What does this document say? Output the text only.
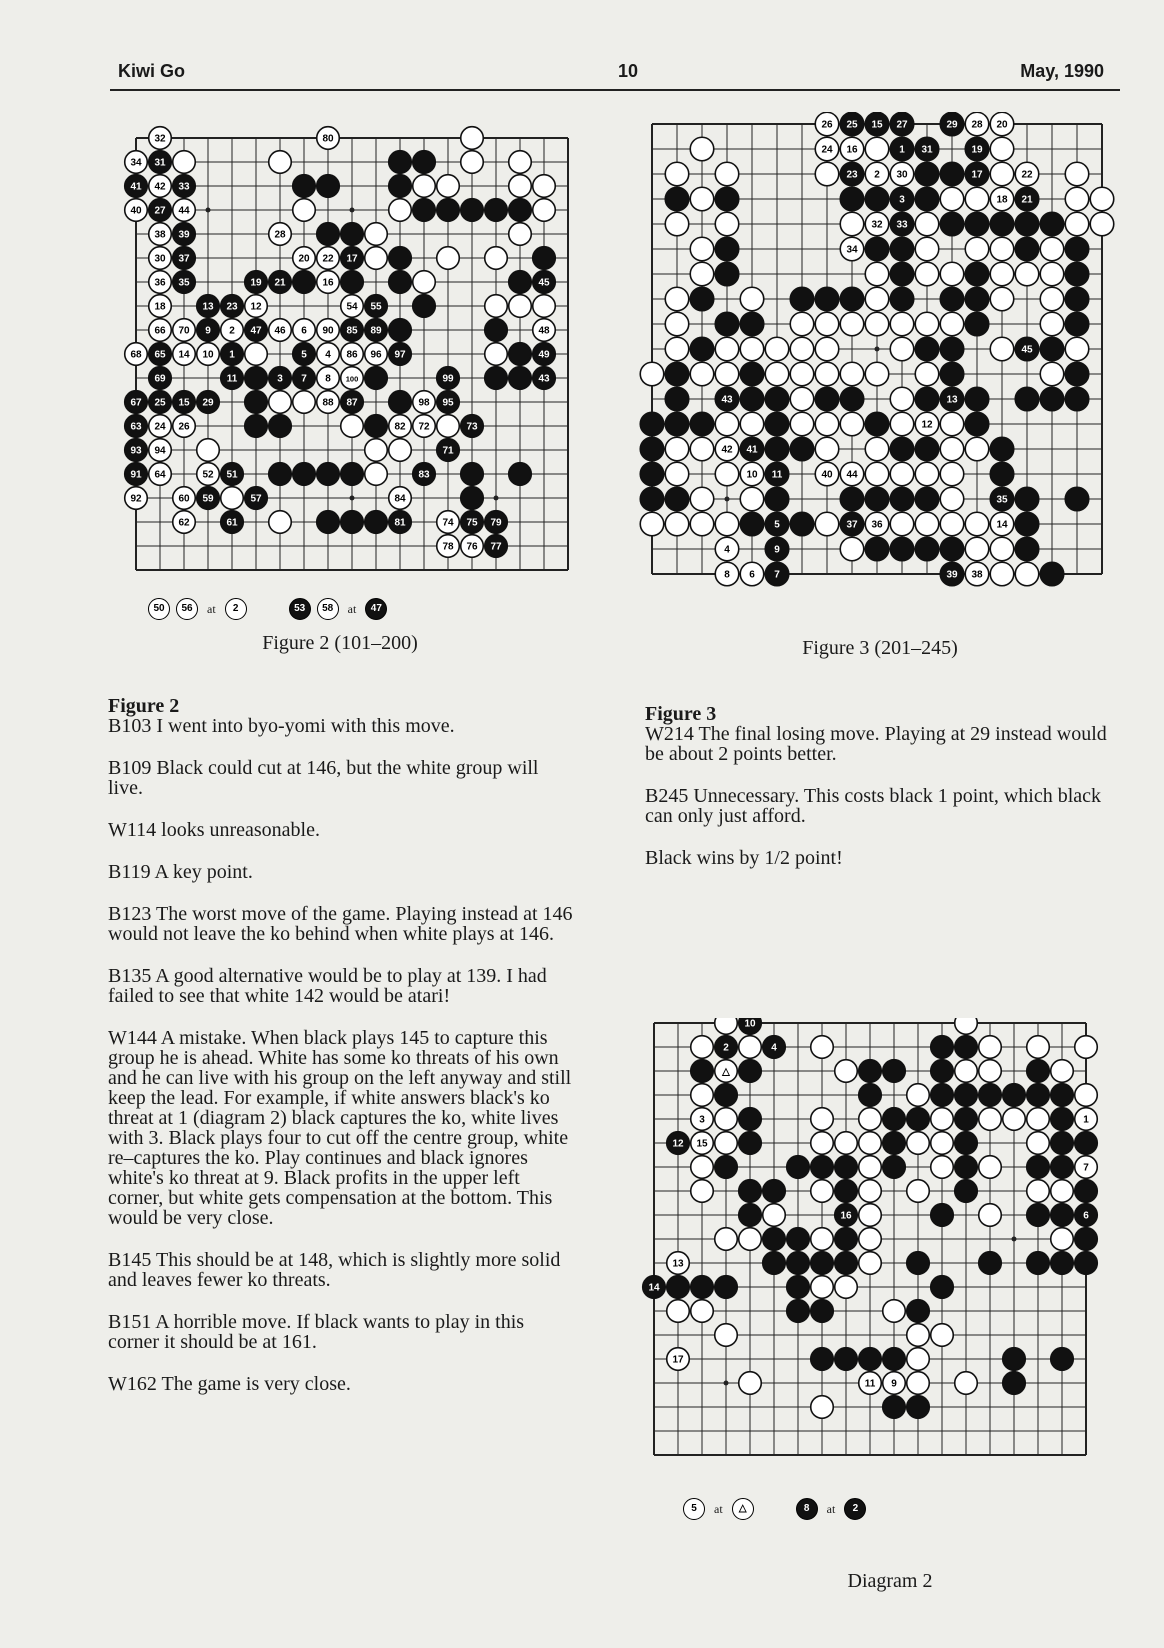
Kiwi Go	10	May, 1990
32	80
34 31
41 42 33
40 27 44
38 39	28
30 37	20 22 17
36 35	19 21	16	45
18	13 23 12	54 55
66 70 9 2 47 46 6 90 85 89	48
68 65 14 10 1	5 4 86 96 97	49
69	11	3 7 8 100	99	43
67 25 15 29	88 87	98 95
63 24 26	82 72	73
93 94	71
91 64	52 51	83
92	60 59	57	84
62	61	81	74 75 79
78 76 77
50	56	at	2	53	58	at	47
Figure 2 (101–200)
26 25 15 27	29 28 20
24 16	1 31	19
23 2 30	17	22
3	18 21
32 33
34
45
43	13
12
42 41
10 11	40 44
35
5	37 36	14
4	9
8 6 7	39 38
Figure 3 (201–245)
Figure 2

B103 I went into byo-yomi with this move.

B109 Black could cut at 146, but the white group will live.

W114 looks unreasonable.

B119 A key point.

B123 The worst move of the game. Playing instead at 146 would not leave the ko behind when white plays at 146.

B135 A good alternative would be to play at 139. I had failed to see that white 142 would be atari!

W144 A mistake. When black plays 145 to capture this group he is ahead. White has some ko threats of his own and he can live with his group on the left anyway and still keep the lead. For example, if white answers black's ko threat at 1 (diagram 2) black captures the ko, white lives with 3. Black plays four to cut off the centre group, white re–captures the ko. Play continues and black ignores white's ko threat at 9. Black profits in the upper left corner, but white gets compensation at the bottom. This would be very close.

B145 This should be at 148, which is slightly more solid and leaves fewer ko threats.

B151 A horrible move. If black wants to play in this corner it should be at 161.

W162 The game is very close.

Figure 3

W214 The final losing move. Playing at 29 instead would be about 2 points better.

B245 Unnecessary. This costs black 1 point, which black can only just afford.

Black wins by 1/2 point!

10
2	4
△
3	1
12 15
7
16	6
13
14
17
11 9
5	at	△	8	at	2
Diagram 2
